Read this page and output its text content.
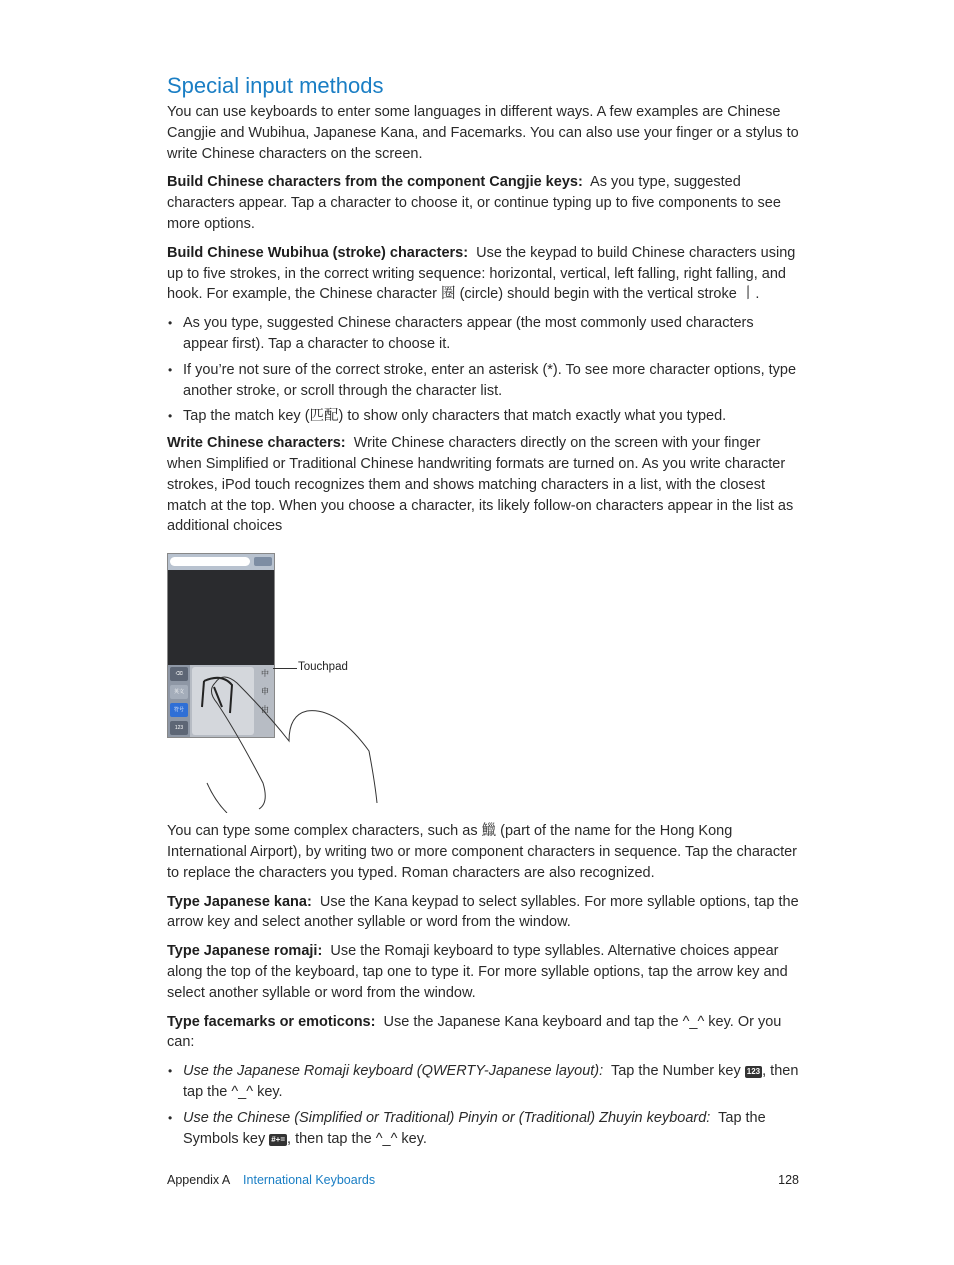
Special input methods

You can use keyboards to enter some languages in different ways. A few examples are Chinese Cangjie and Wubihua, Japanese Kana, and Facemarks. You can also use your finger or a stylus to write Chinese characters on the screen.

Build Chinese characters from the component Cangjie keys: As you type, suggested characters appear. Tap a character to choose it, or continue typing up to five components to see more options.

Build Chinese Wubihua (stroke) characters: Use the keypad to build Chinese characters using up to five strokes, in the correct writing sequence: horizontal, vertical, left falling, right falling, and hook. For example, the Chinese character 圈 (circle) should begin with the vertical stroke 丨.

• As you type, suggested Chinese characters appear (the most commonly used characters appear first). Tap a character to choose it.
• If you’re not sure of the correct stroke, enter an asterisk (*). To see more character options, type another stroke, or scroll through the character list.
• Tap the match key (匹配) to show only characters that match exactly what you typed.

Write Chinese characters: Write Chinese characters directly on the screen with your finger when Simplified or Traditional Chinese handwriting formats are turned on. As you write character strokes, iPod touch recognizes them and shows matching characters in a list, with the closest match at the top. When you choose a character, its likely follow-on characters appear in the list as additional choices

⌫
英文
符号
123
中
申
由
Touchpad

You can type some complex characters, such as 鱲 (part of the name for the Hong Kong International Airport), by writing two or more component characters in sequence. Tap the character to replace the characters you typed. Roman characters are also recognized.

Type Japanese kana: Use the Kana keypad to select syllables. For more syllable options, tap the arrow key and select another syllable or word from the window.

Type Japanese romaji: Use the Romaji keyboard to type syllables. Alternative choices appear along the top of the keyboard, tap one to type it. For more syllable options, tap the arrow key and select another syllable or word from the window.

Type facemarks or emoticons: Use the Japanese Kana keyboard and tap the ^_^ key. Or you can:

• Use the Japanese Romaji keyboard (QWERTY-Japanese layout): Tap the Number key 123 , then tap the ^_^ key.
• Use the Chinese (Simplified or Traditional) Pinyin or (Traditional) Zhuyin keyboard: Tap the Symbols key #+= , then tap the ^_^ key.
Appendix A International Keyboards	128
